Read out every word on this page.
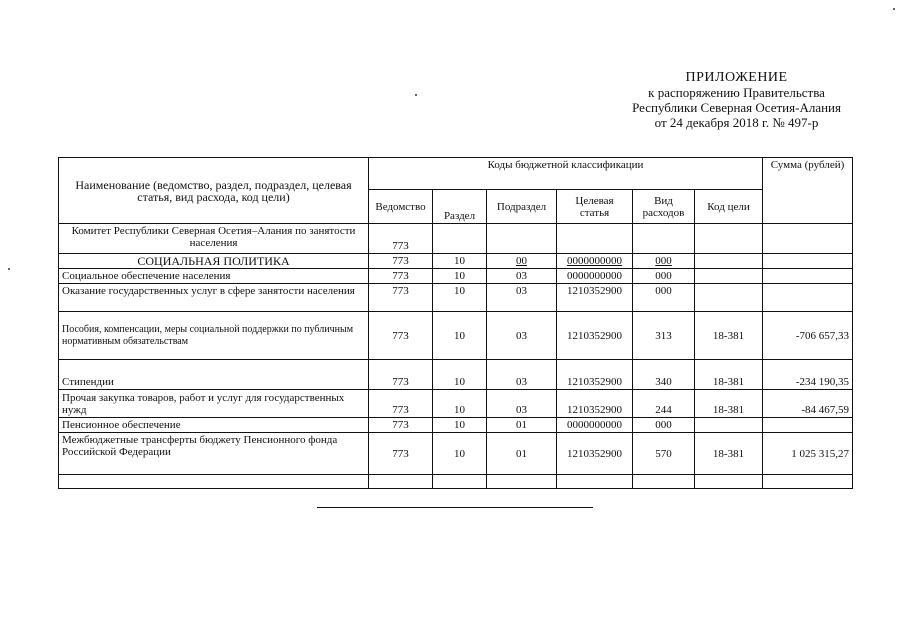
ПРИЛОЖЕНИЕ
к распоряжению Правительства
Республики Северная Осетия-Алания
от 24 декабря 2018 г. № 497-р
Наименование (ведомство, раздел, подраздел, целевая статья, вид расхода, код цели)	Коды бюджетной классификации						Сумма (рублей)
	Ведомство	Раздел	Подраздел	Целевая статья	Вид расходов	Код цели	
Комитет Республики Северная Осетия–Алания по занятости населения	773						
СОЦИАЛЬНАЯ ПОЛИТИКА	773	10	00	0000000000	000		
Социальное обеспечение населения	773	10	03	0000000000	000		
Оказание государственных услуг в сфере занятости населения	773	10	03	1210352900	000		
Пособия, компенсации, меры социальной поддержки по публичным нормативным обязательствам	773	10	03	1210352900	313	18-381	-706 657,33
Стипендии	773	10	03	1210352900	340	18-381	-234 190,35
Прочая закупка товаров, работ и услуг для государственных нужд	773	10	03	1210352900	244	18-381	-84 467,59
Пенсионное обеспечение	773	10	01	0000000000	000		
Межбюджетные трансферты бюджету Пенсионного фонда Российской Федерации	773	10	01	1210352900	570	18-381	1 025 315,27
